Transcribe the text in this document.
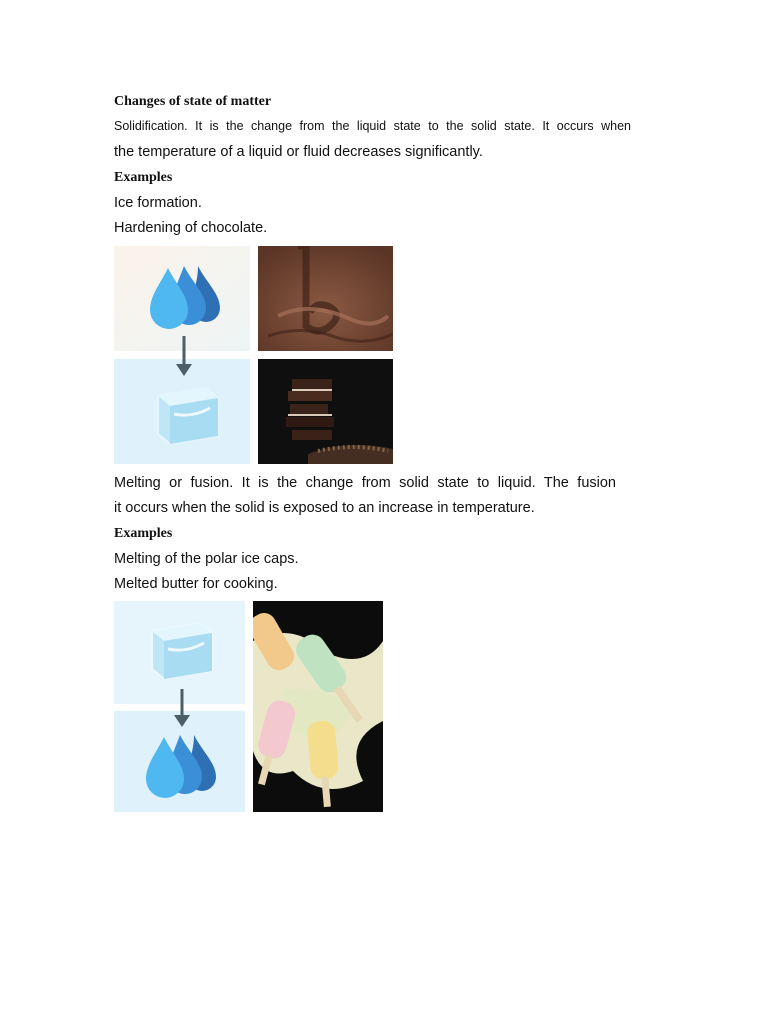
Changes of state of matter
Solidification. It is the change from the liquid state to the solid state. It occurs when
the temperature of a liquid or fluid decreases significantly.
Examples
Ice formation.
Hardening of chocolate.
Melting or fusion. It is the change from solid state to liquid. The fusion
it occurs when the solid is exposed to an increase in temperature.
Examples
Melting of the polar ice caps.
Melted butter for cooking.
